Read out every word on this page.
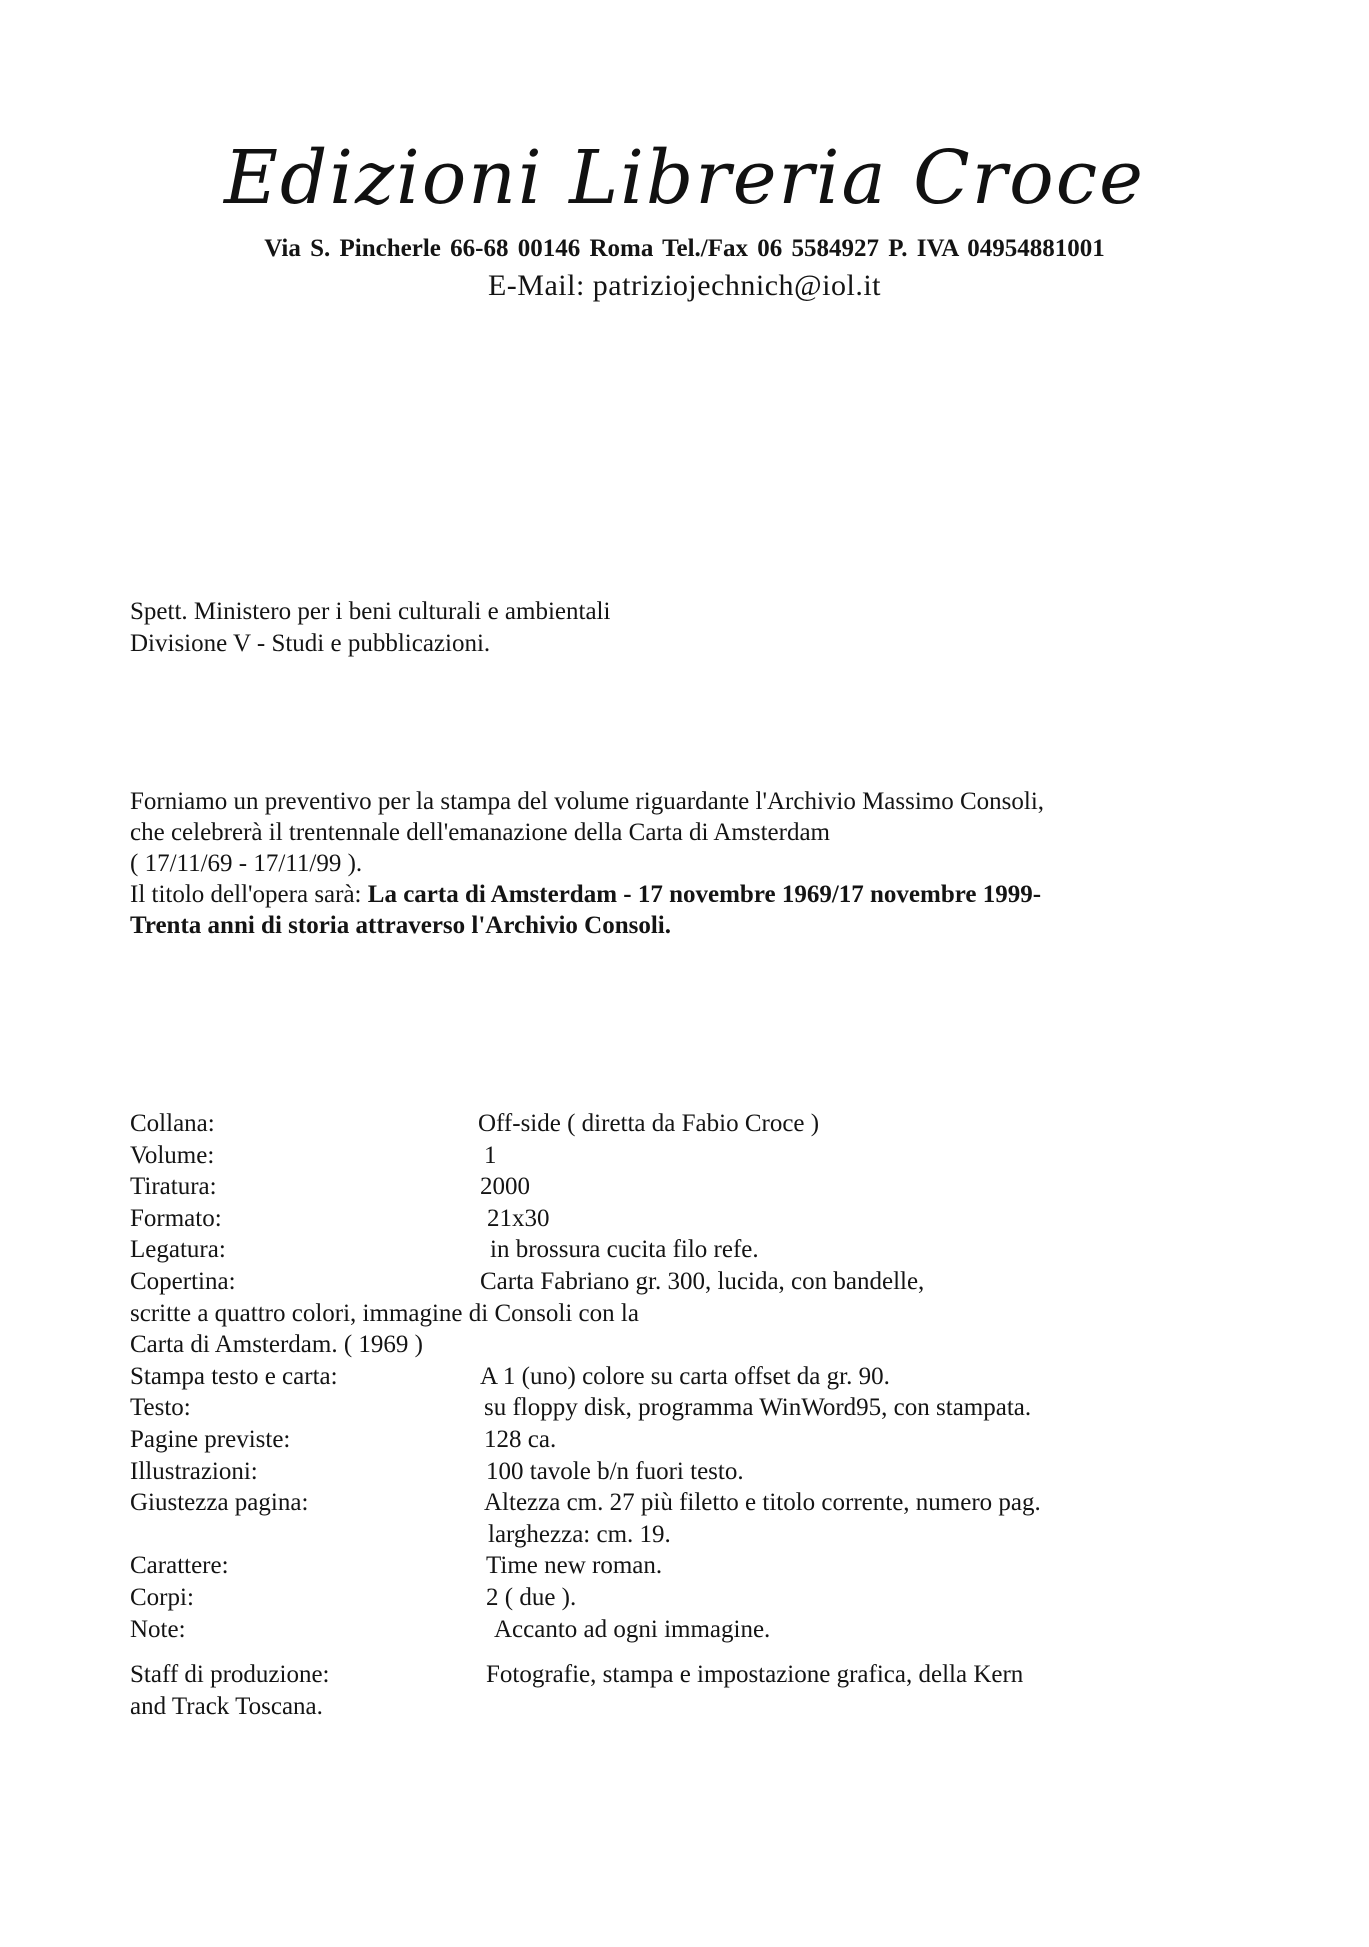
Edizioni Libreria Croce
Via S. Pincherle 66-68 00146 Roma Tel./Fax 06 5584927 P. IVA 04954881001
E-Mail: patriziojechnich@iol.it
Spett. Ministero per i beni culturali e ambientali
Divisione V - Studi e pubblicazioni.
Forniamo un preventivo per la stampa del volume riguardante l'Archivio Massimo Consoli,
che celebrerà il trentennale dell'emanazione della Carta di Amsterdam
( 17/11/69 - 17/11/99 ).
Il titolo dell'opera sarà: La carta di Amsterdam - 17 novembre 1969/17 novembre 1999-
Trenta anni di storia attraverso l'Archivio Consoli.
Collana:	Off-side ( diretta da Fabio Croce )
Volume:	1
Tiratura:	2000
Formato:	21x30
Legatura:	in brossura cucita filo refe.
Copertina:	Carta Fabriano gr. 300, lucida, con bandelle,
scritte a quattro colori, immagine di Consoli con la
Carta di Amsterdam. ( 1969 )
Stampa testo e carta:	A 1 (uno) colore su carta offset da gr. 90.
Testo:	su floppy disk, programma WinWord95, con stampata.
Pagine previste:	128 ca.
Illustrazioni:	100 tavole b/n fuori testo.
Giustezza pagina:	Altezza cm. 27 più filetto e titolo corrente, numero pag.
larghezza: cm. 19.
Carattere:	Time new roman.
Corpi:	2 ( due ).
Note:	Accanto ad ogni immagine.
Staff di produzione:	Fotografie, stampa e impostazione grafica, della Kern
and Track Toscana.
